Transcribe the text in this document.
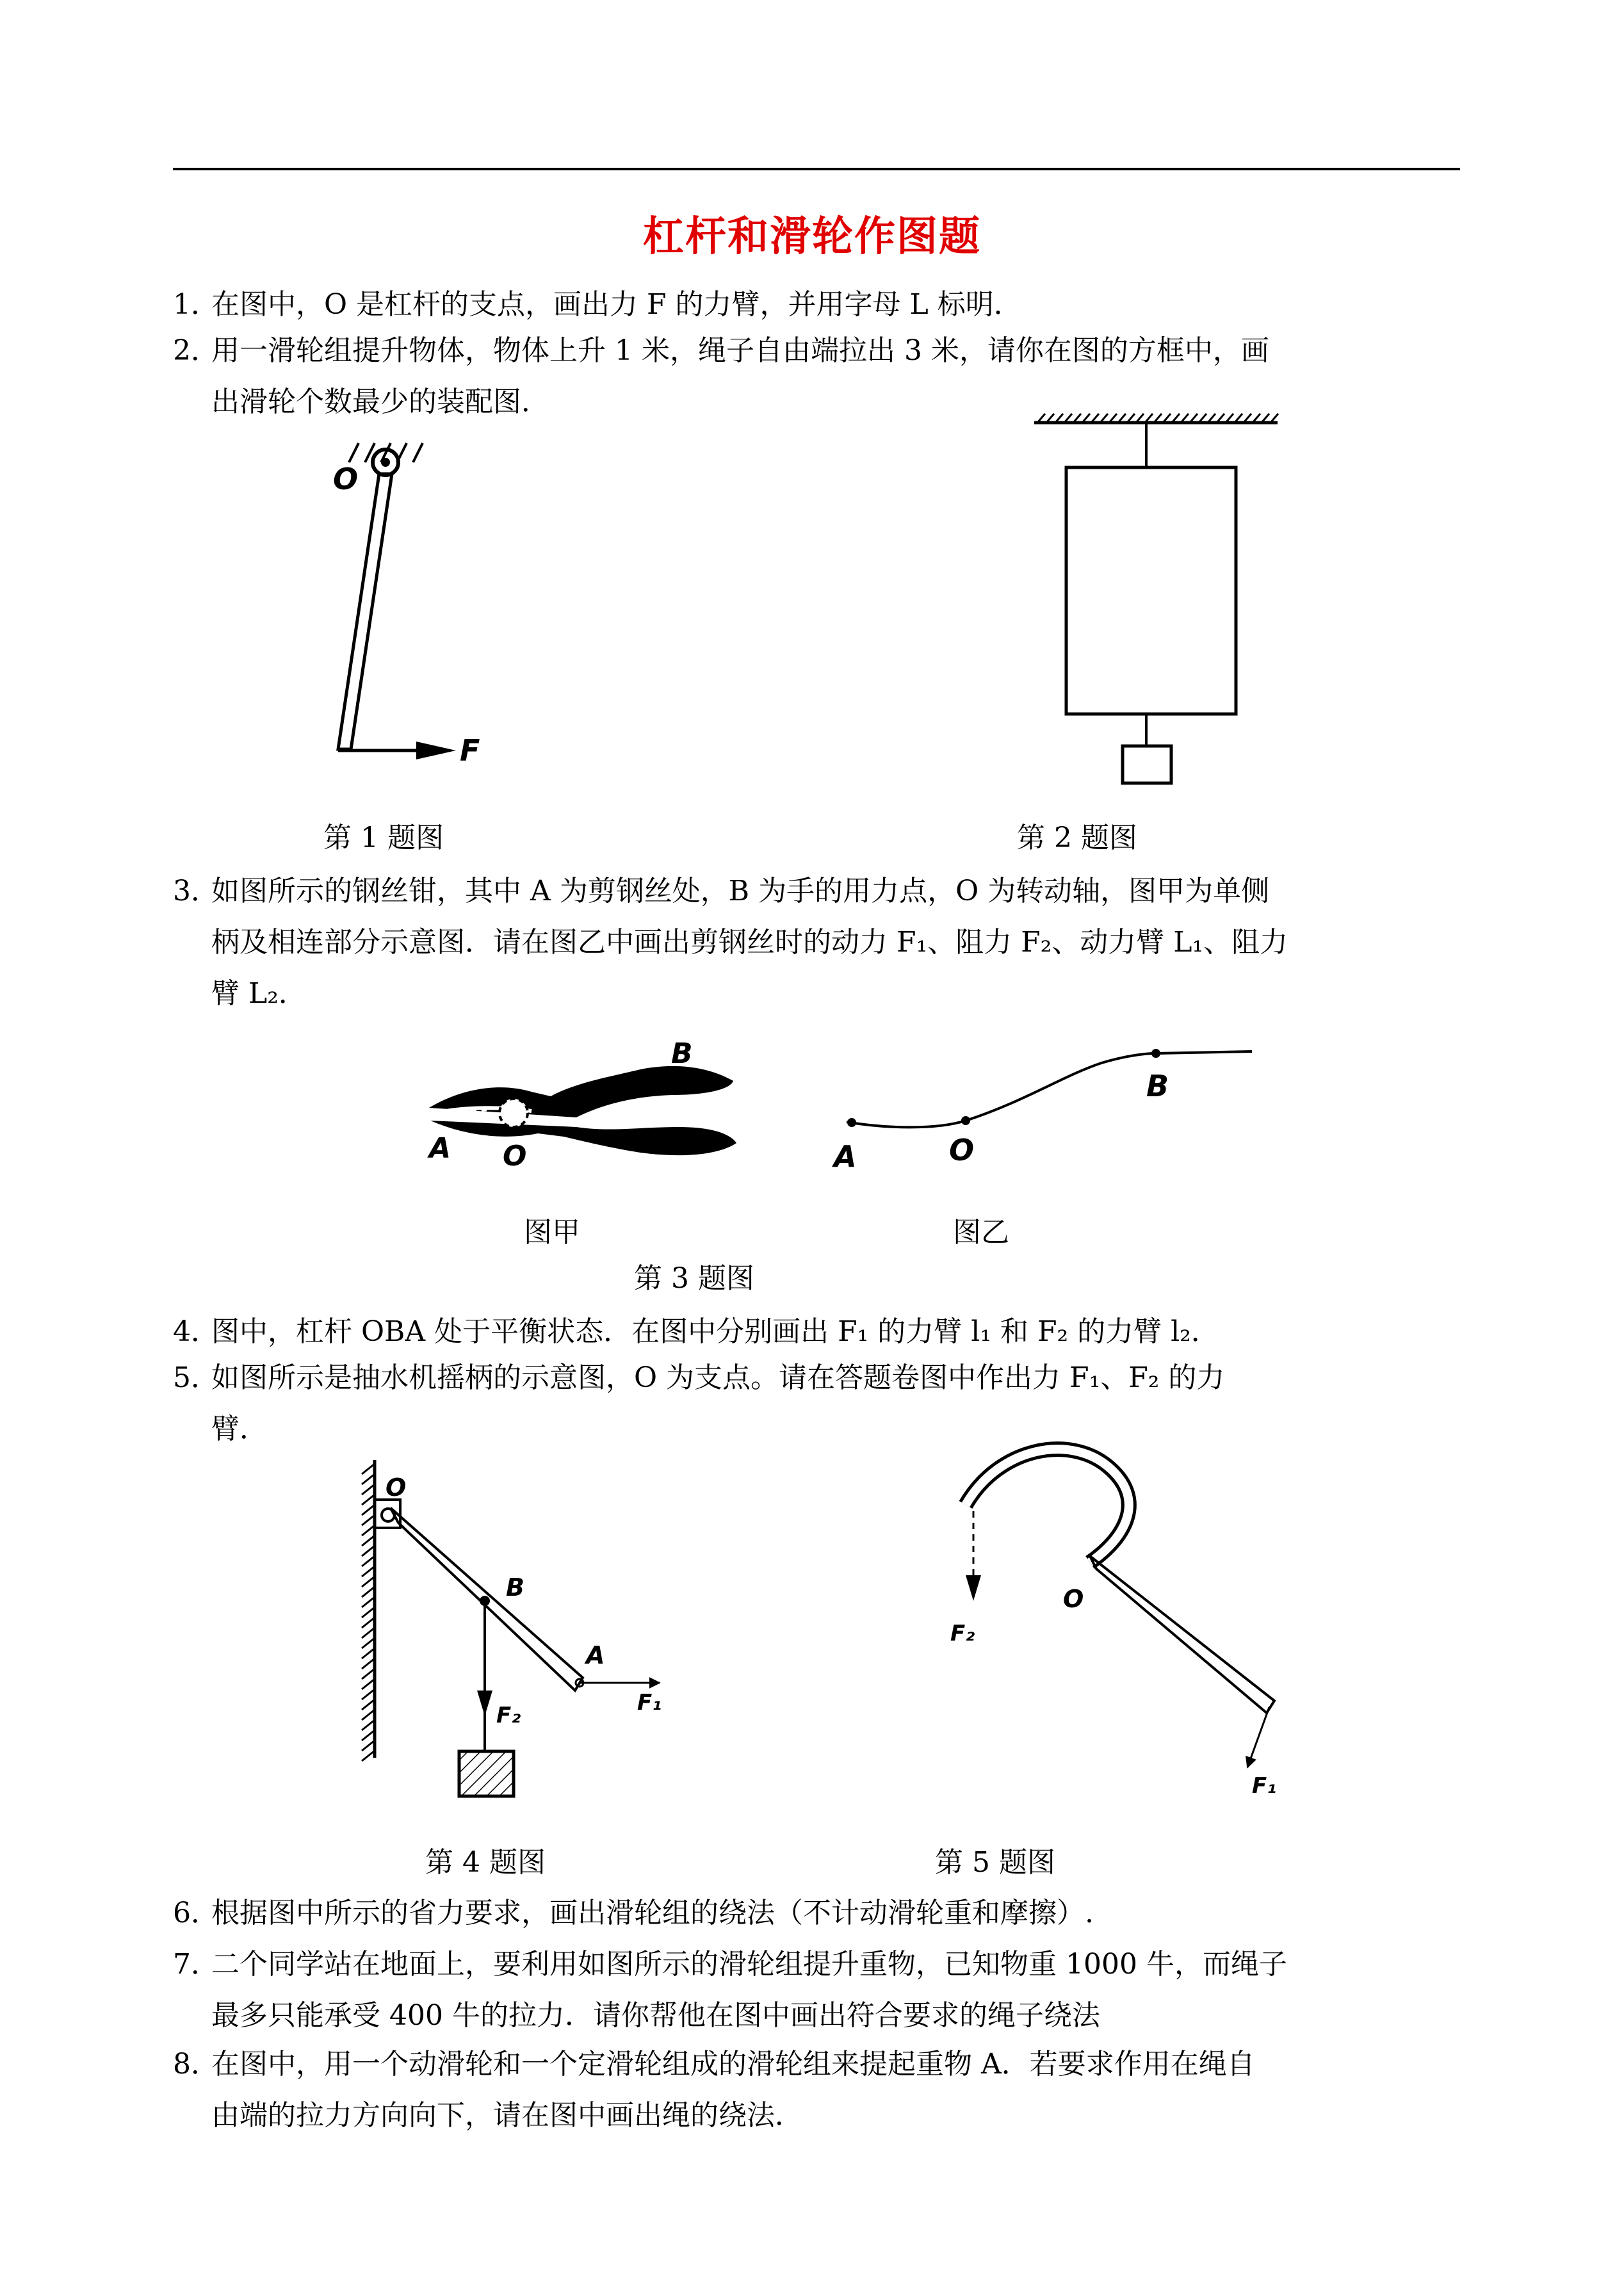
杠杆和滑轮作图题
1．在图中，O 是杠杆的支点，画出力 F 的力臂，并用字母 L 标明．
2．用一滑轮组提升物体，物体上升 1 米，绳子自由端拉出 3 米，请你在图的方框中，画
出滑轮个数最少的装配图．
3．如图所示的钢丝钳，其中 A 为剪钢丝处，B 为手的用力点，O 为转动轴，图甲为单侧
柄及相连部分示意图．请在图乙中画出剪钢丝时的动力 F₁、阻力 F₂、动力臂 L₁、阻力
臂 L₂．
4．图中，杠杆 OBA 处于平衡状态．在图中分别画出 F₁ 的力臂 l₁ 和 F₂ 的力臂 l₂．
5．如图所示是抽水机摇柄的示意图，O 为支点。请在答题卷图中作出力 F₁、F₂ 的力
臂．
6．根据图中所示的省力要求，画出滑轮组的绕法（不计动滑轮重和摩擦）.
7．二个同学站在地面上，要利用如图所示的滑轮组提升重物，已知物重 1000 牛，而绳子
最多只能承受 400 牛的拉力．请你帮他在图中画出符合要求的绳子绕法
8．在图中，用一个动滑轮和一个定滑轮组成的滑轮组来提起重物 A．若要求作用在绳自
由端的拉力方向向下，请在图中画出绳的绕法．
第 1 题图	第 2 题图
图甲	图乙
第 3 题图
第 4 题图	第 5 题图
O
F
B
A O	A	O
B
O
B
A
F₁
F₂
O
F₂
F₁
